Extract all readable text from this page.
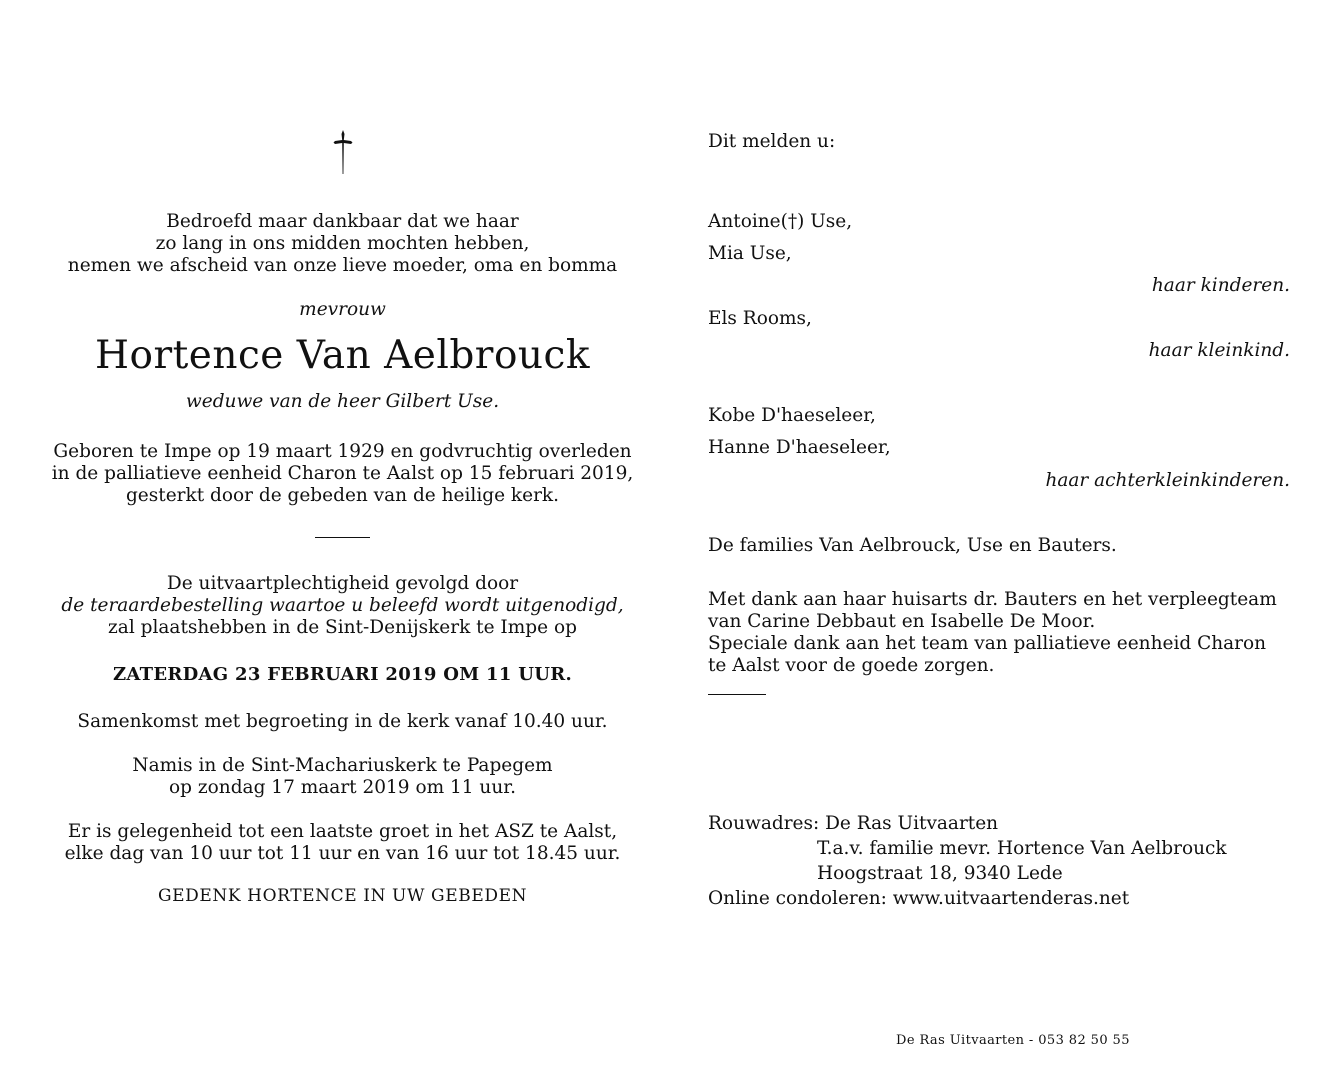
Bedroefd maar dankbaar dat we haar
zo lang in ons midden mochten hebben,
nemen we afscheid van onze lieve moeder, oma en bomma
mevrouw
Hortence Van Aelbrouck
weduwe van de heer Gilbert Use.
Geboren te Impe op 19 maart 1929 en godvruchtig overleden
in de palliatieve eenheid Charon te Aalst op 15 februari 2019,
gesterkt door de gebeden van de heilige kerk.
De uitvaartplechtigheid gevolgd door
de teraardebestelling waartoe u beleefd wordt uitgenodigd,
zal plaatshebben in de Sint-Denijskerk te Impe op
ZATERDAG 23 FEBRUARI 2019 OM 11 UUR.
Samenkomst met begroeting in de kerk vanaf 10.40 uur.
Namis in de Sint-Machariuskerk te Papegem
op zondag 17 maart 2019 om 11 uur.
Er is gelegenheid tot een laatste groet in het ASZ te Aalst,
elke dag van 10 uur tot 11 uur en van 16 uur tot 18.45 uur.
GEDENK HORTENCE IN UW GEBEDEN
Dit melden u:
Antoine(†) Use,
Mia Use,
haar kinderen.
Els Rooms,
haar kleinkind.
Kobe D'haeseleer,
Hanne D'haeseleer,
haar achterkleinkinderen.
De families Van Aelbrouck, Use en Bauters.
Met dank aan haar huisarts dr. Bauters en het verpleegteam
van Carine Debbaut en Isabelle De Moor.
Speciale dank aan het team van palliatieve eenheid Charon
te Aalst voor de goede zorgen.
Rouwadres: De Ras Uitvaarten
T.a.v. familie mevr. Hortence Van Aelbrouck
Hoogstraat 18, 9340 Lede
Online condoleren: www.uitvaartenderas.net
De Ras Uitvaarten - 053 82 50 55
